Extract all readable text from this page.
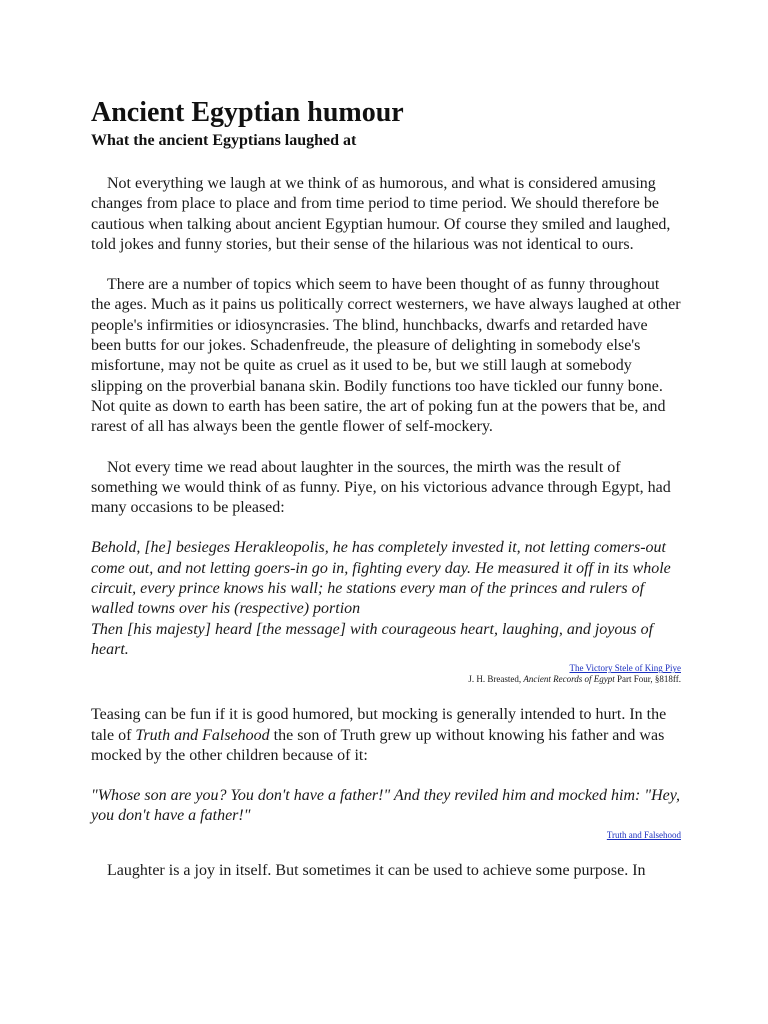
Ancient Egyptian humour
What the ancient Egyptians laughed at

Not everything we laugh at we think of as humorous, and what is considered amusing changes from place to place and from time period to time period. We should therefore be cautious when talking about ancient Egyptian humour. Of course they smiled and laughed, told jokes and funny stories, but their sense of the hilarious was not identical to ours.

There are a number of topics which seem to have been thought of as funny throughout the ages. Much as it pains us politically correct westerners, we have always laughed at other people's infirmities or idiosyncrasies. The blind, hunchbacks, dwarfs and retarded have been butts for our jokes. Schadenfreude, the pleasure of delighting in somebody else's misfortune, may not be quite as cruel as it used to be, but we still laugh at somebody slipping on the proverbial banana skin. Bodily functions too have tickled our funny bone. Not quite as down to earth has been satire, the art of poking fun at the powers that be, and rarest of all has always been the gentle flower of self-mockery.

Not every time we read about laughter in the sources, the mirth was the result of something we would think of as funny. Piye, on his victorious advance through Egypt, had many occasions to be pleased:

Behold, [he] besieges Herakleopolis, he has completely invested it, not letting comers-out come out, and not letting goers-in go in, fighting every day. He measured it off in its whole circuit, every prince knows his wall; he stations every man of the princes and rulers of walled towns over his (respective) portion
Then [his majesty] heard [the message] with courageous heart, laughing, and joyous of heart.
The Victory Stele of King Piye
J. H. Breasted, Ancient Records of Egypt Part Four, §818ff.

Teasing can be fun if it is good humored, but mocking is generally intended to hurt. In the tale of Truth and Falsehood the son of Truth grew up without knowing his father and was mocked by the other children because of it:

"Whose son are you? You don't have a father!" And they reviled him and mocked him: "Hey, you don't have a father!"
Truth and Falsehood

Laughter is a joy in itself. But sometimes it can be used to achieve some purpose. In
